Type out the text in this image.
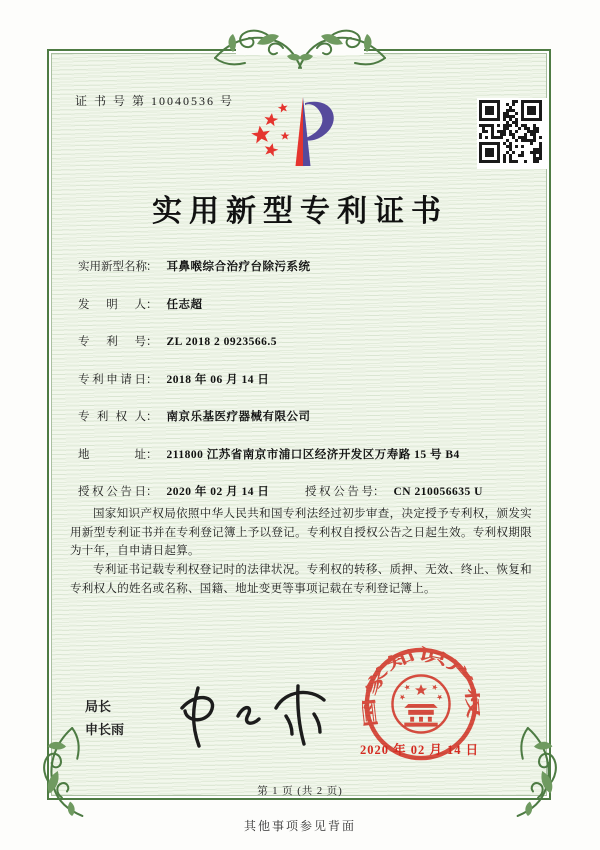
证 书 号 第 10040536 号
实用新型专利证书
实用新型名称： 耳鼻喉综合治疗台除污系统
发明人： 任志超
专利号： ZL 2018 2 0923566.5
专利申请日： 2018 年 06 月 14 日
专利权人： 南京乐基医疗器械有限公司
地址： 211800 江苏省南京市浦口区经济开发区万寿路 15 号 B4
授权公告日： 2020 年 02 月 14 日	授权公告号： CN 210056635 U

国家知识产权局依照中华人民共和国专利法经过初步审查，决定授予专利权，颁发实用新型专利证书并在专利登记簿上予以登记。专利权自授权公告之日起生效。专利权期限为十年，自申请日起算。

专利证书记载专利权登记时的法律状况。专利权的转移、质押、无效、终止、恢复和专利权人的姓名或名称、国籍、地址变更等事项记载在专利登记簿上。

局长
申长雨
国家知识产权局
2020 年 02 月 14 日
第 1 页 (共 2 页)
其他事项参见背面
